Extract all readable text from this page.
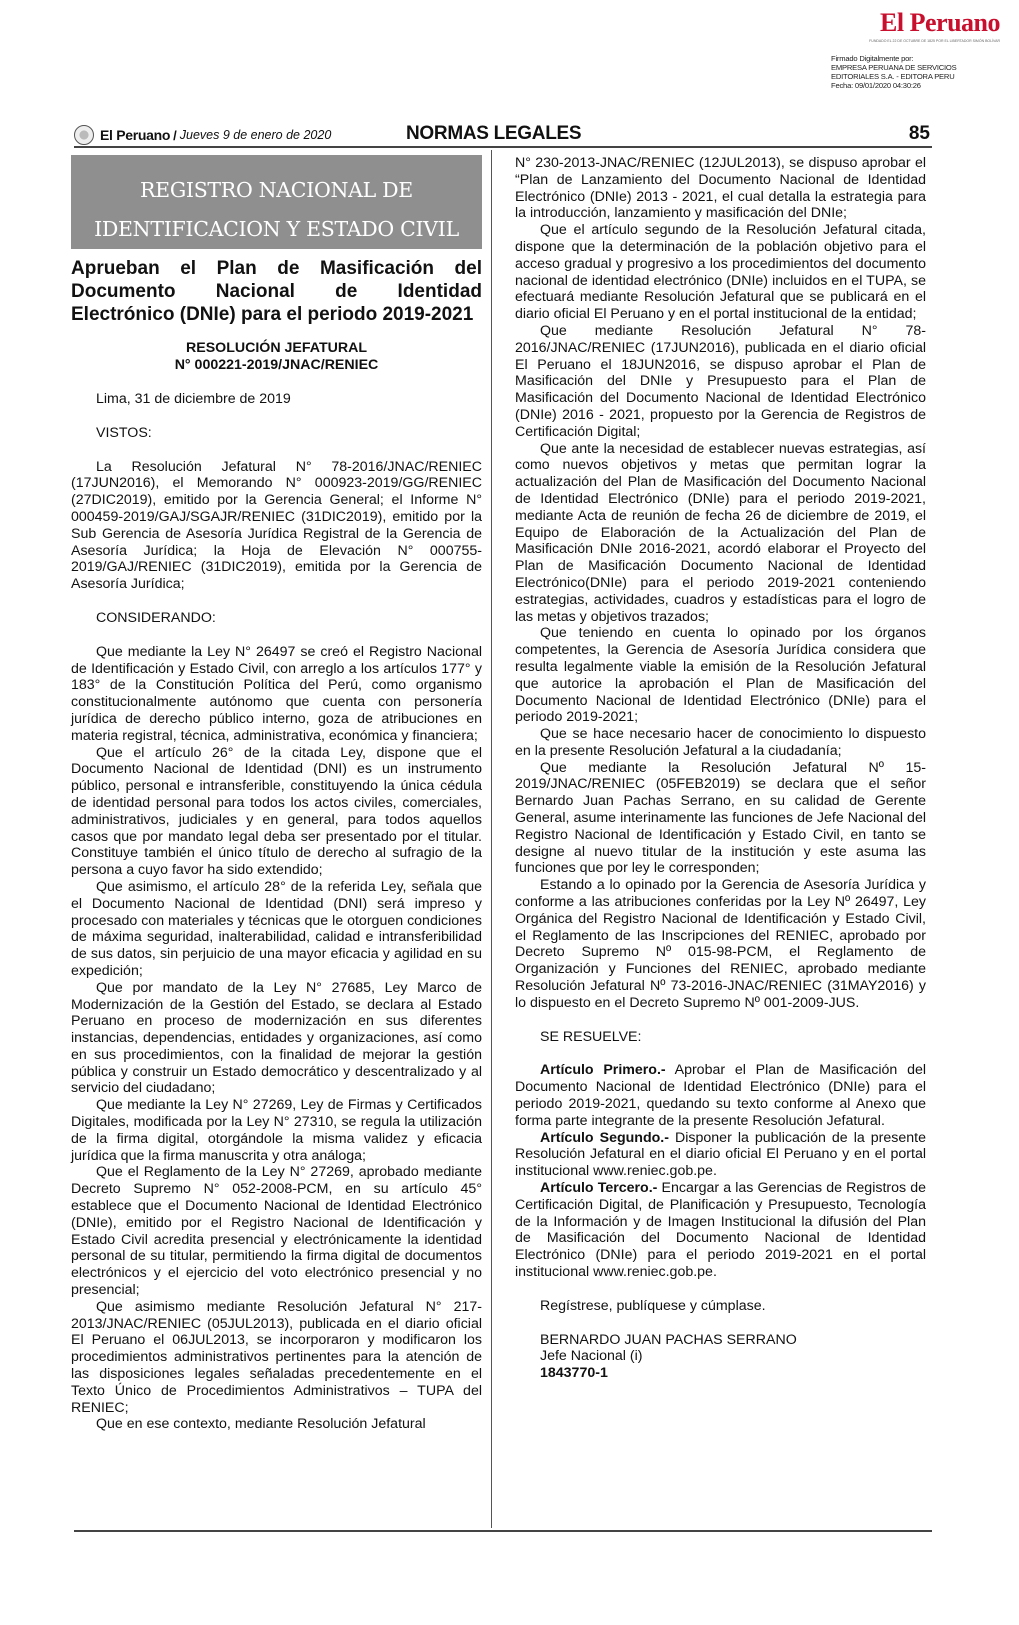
El Peruano
FUNDADO EL 22 DE OCTUBRE DE 1825 POR EL LIBERTADOR SIMÓN BOLÍVAR
Firmado Digitalmente por:
EMPRESA PERUANA DE SERVICIOS
EDITORIALES S.A. - EDITORA PERU
Fecha: 09/01/2020 04:30:26
El Peruano / Jueves 9 de enero de 2020	NORMAS LEGALES	85
REGISTRO NACIONAL DE
IDENTIFICACION Y ESTADO CIVIL
Aprueban el Plan de Masificación del Documento Nacional de Identidad Electrónico (DNIe) para el periodo 2019-2021
RESOLUCIÓN JEFATURAL
N° 000221-2019/JNAC/RENIEC

Lima, 31 de diciembre de 2019

VISTOS:

La Resolución Jefatural N° 78-2016/JNAC/RENIEC (17JUN2016), el Memorando N° 000923-2019/GG/RENIEC (27DIC2019), emitido por la Gerencia General; el Informe N° 000459-2019/GAJ/SGAJR/RENIEC (31DIC2019), emitido por la Sub Gerencia de Asesoría Jurídica Registral de la Gerencia de Asesoría Jurídica; la Hoja de Elevación N° 000755-2019/GAJ/RENIEC (31DIC2019), emitida por la Gerencia de Asesoría Jurídica;

CONSIDERANDO:

Que mediante la Ley N° 26497 se creó el Registro Nacional de Identificación y Estado Civil, con arreglo a los artículos 177° y 183° de la Constitución Política del Perú, como organismo constitucionalmente autónomo que cuenta con personería jurídica de derecho público interno, goza de atribuciones en materia registral, técnica, administrativa, económica y financiera;

Que el artículo 26° de la citada Ley, dispone que el Documento Nacional de Identidad (DNI) es un instrumento público, personal e intransferible, constituyendo la única cédula de identidad personal para todos los actos civiles, comerciales, administrativos, judiciales y en general, para todos aquellos casos que por mandato legal deba ser presentado por el titular. Constituye también el único título de derecho al sufragio de la persona a cuyo favor ha sido extendido;

Que asimismo, el artículo 28° de la referida Ley, señala que el Documento Nacional de Identidad (DNI) será impreso y procesado con materiales y técnicas que le otorguen condiciones de máxima seguridad, inalterabilidad, calidad e intransferibilidad de sus datos, sin perjuicio de una mayor eficacia y agilidad en su expedición;

Que por mandato de la Ley N° 27685, Ley Marco de Modernización de la Gestión del Estado, se declara al Estado Peruano en proceso de modernización en sus diferentes instancias, dependencias, entidades y organizaciones, así como en sus procedimientos, con la finalidad de mejorar la gestión pública y construir un Estado democrático y descentralizado y al servicio del ciudadano;

Que mediante la Ley N° 27269, Ley de Firmas y Certificados Digitales, modificada por la Ley N° 27310, se regula la utilización de la firma digital, otorgándole la misma validez y eficacia jurídica que la firma manuscrita y otra análoga;

Que el Reglamento de la Ley N° 27269, aprobado mediante Decreto Supremo N° 052-2008-PCM, en su artículo 45° establece que el Documento Nacional de Identidad Electrónico (DNIe), emitido por el Registro Nacional de Identificación y Estado Civil acredita presencial y electrónicamente la identidad personal de su titular, permitiendo la firma digital de documentos electrónicos y el ejercicio del voto electrónico presencial y no presencial;

Que asimismo mediante Resolución Jefatural N° 217-2013/JNAC/RENIEC (05JUL2013), publicada en el diario oficial El Peruano el 06JUL2013, se incorporaron y modificaron los procedimientos administrativos pertinentes para la atención de las disposiciones legales señaladas precedentemente en el Texto Único de Procedimientos Administrativos – TUPA del RENIEC;

Que en ese contexto, mediante Resolución Jefatural

N° 230-2013-JNAC/RENIEC (12JUL2013), se dispuso aprobar el “Plan de Lanzamiento del Documento Nacional de Identidad Electrónico (DNIe) 2013 - 2021, el cual detalla la estrategia para la introducción, lanzamiento y masificación del DNIe;

Que el artículo segundo de la Resolución Jefatural citada, dispone que la determinación de la población objetivo para el acceso gradual y progresivo a los procedimientos del documento nacional de identidad electrónico (DNIe) incluidos en el TUPA, se efectuará mediante Resolución Jefatural que se publicará en el diario oficial El Peruano y en el portal institucional de la entidad;

Que mediante Resolución Jefatural N° 78-2016/JNAC/RENIEC (17JUN2016), publicada en el diario oficial El Peruano el 18JUN2016, se dispuso aprobar el Plan de Masificación del DNIe y Presupuesto para el Plan de Masificación del Documento Nacional de Identidad Electrónico (DNIe) 2016 - 2021, propuesto por la Gerencia de Registros de Certificación Digital;

Que ante la necesidad de establecer nuevas estrategias, así como nuevos objetivos y metas que permitan lograr la actualización del Plan de Masificación del Documento Nacional de Identidad Electrónico (DNIe) para el periodo 2019-2021, mediante Acta de reunión de fecha 26 de diciembre de 2019, el Equipo de Elaboración de la Actualización del Plan de Masificación DNIe 2016-2021, acordó elaborar el Proyecto del Plan de Masificación Documento Nacional de Identidad Electrónico(DNIe) para el periodo 2019-2021 conteniendo estrategias, actividades, cuadros y estadísticas para el logro de las metas y objetivos trazados;

Que teniendo en cuenta lo opinado por los órganos competentes, la Gerencia de Asesoría Jurídica considera que resulta legalmente viable la emisión de la Resolución Jefatural que autorice la aprobación el Plan de Masificación del Documento Nacional de Identidad Electrónico (DNIe) para el periodo 2019-2021;

Que se hace necesario hacer de conocimiento lo dispuesto en la presente Resolución Jefatural a la ciudadanía;

Que mediante la Resolución Jefatural Nº 15-2019/JNAC/RENIEC (05FEB2019) se declara que el señor Bernardo Juan Pachas Serrano, en su calidad de Gerente General, asume interinamente las funciones de Jefe Nacional del Registro Nacional de Identificación y Estado Civil, en tanto se designe al nuevo titular de la institución y este asuma las funciones que por ley le corresponden;

Estando a lo opinado por la Gerencia de Asesoría Jurídica y conforme a las atribuciones conferidas por la Ley Nº 26497, Ley Orgánica del Registro Nacional de Identificación y Estado Civil, el Reglamento de las Inscripciones del RENIEC, aprobado por Decreto Supremo Nº 015-98-PCM, el Reglamento de Organización y Funciones del RENIEC, aprobado mediante Resolución Jefatural Nº 73-2016-JNAC/RENIEC (31MAY2016) y lo dispuesto en el Decreto Supremo Nº 001-2009-JUS.

SE RESUELVE:

Artículo Primero.- Aprobar el Plan de Masificación del Documento Nacional de Identidad Electrónico (DNIe) para el periodo 2019-2021, quedando su texto conforme al Anexo que forma parte integrante de la presente Resolución Jefatural.

Artículo Segundo.- Disponer la publicación de la presente Resolución Jefatural en el diario oficial El Peruano y en el portal institucional www.reniec.gob.pe.

Artículo Tercero.- Encargar a las Gerencias de Registros de Certificación Digital, de Planificación y Presupuesto, Tecnología de la Información y de Imagen Institucional la difusión del Plan de Masificación del Documento Nacional de Identidad Electrónico (DNIe) para el periodo 2019-2021 en el portal institucional www.reniec.gob.pe.

Regístrese, publíquese y cúmplase.

BERNARDO JUAN PACHAS SERRANO

Jefe Nacional (i)

1843770-1
